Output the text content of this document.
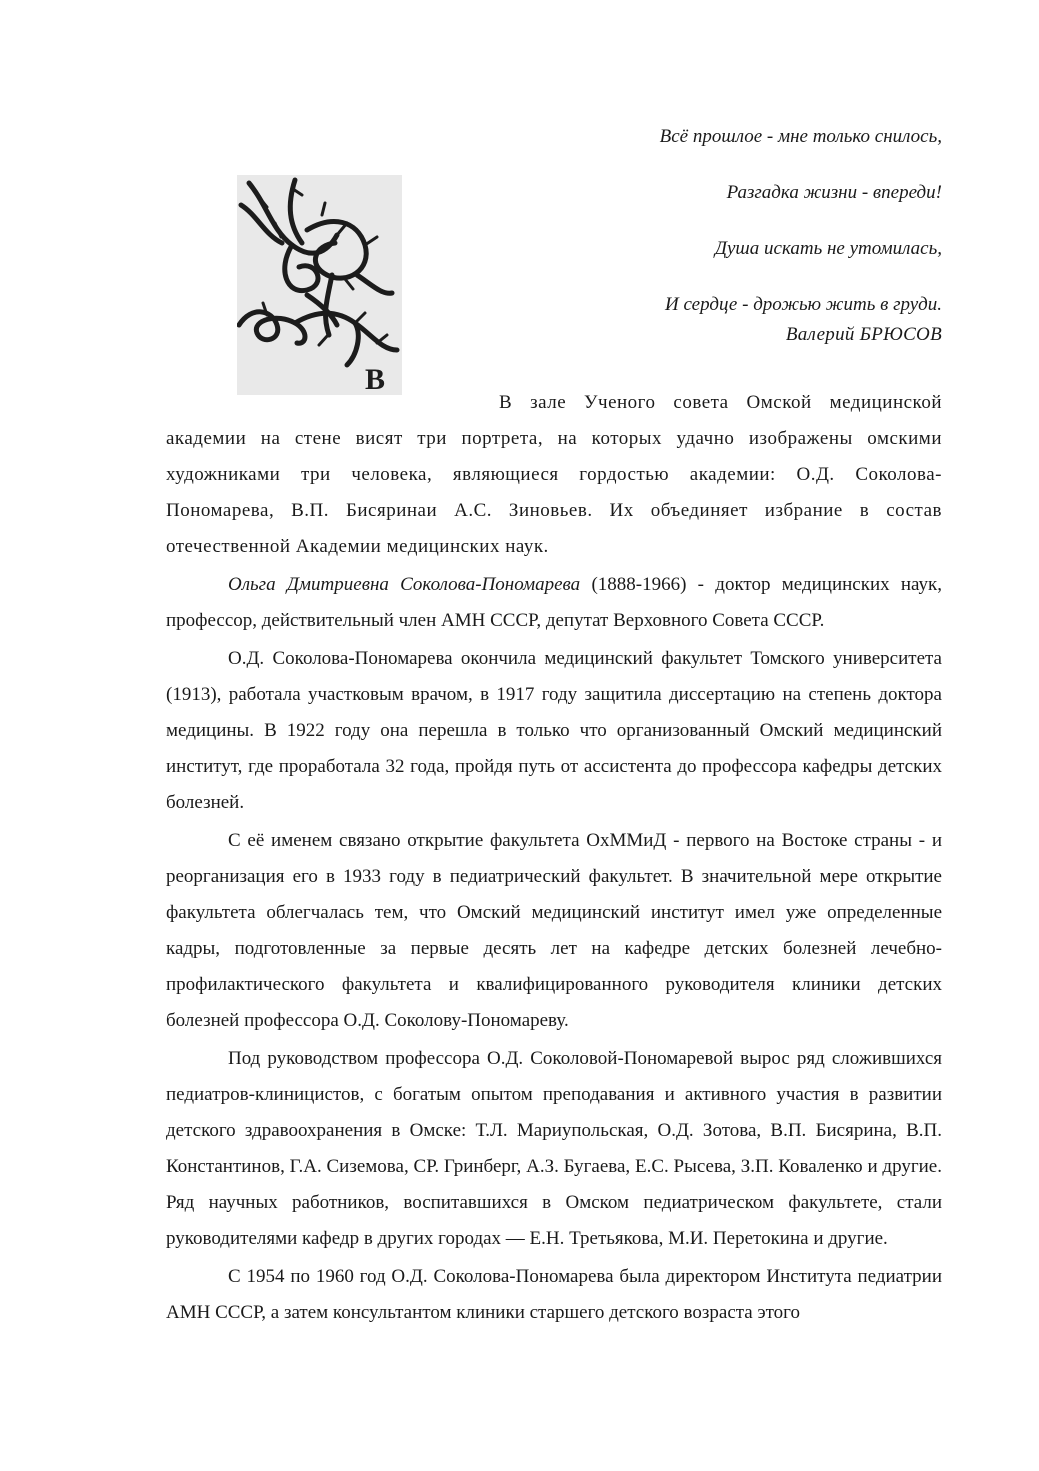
Всё прошлое - мне только снилось,
Разгадка жизни - впереди!
Душа искать не утомилась,
И сердце - дрожью жить в груди.
Валерий БРЮСОВ
В

В зале Ученого совета Омской медицинской академии на стене висят три портрета, на которых удачно изображены омскими художниками три человека, являющиеся гордостью академии: О.Д. Соколова-Пономарева, В.П. Бисяринаи А.С. Зиновьев. Их объединяет избрание в состав отечественной Академии медицинских наук.

Ольга Дмитриевна Соколова-Пономарева (1888-1966) - доктор медицинских наук, профессор, действительный член АМН СССР, депутат Верховного Совета СССР.

О.Д. Соколова-Пономарева окончила медицинский факультет Томского университета (1913), работала участковым врачом, в 1917 году защитила диссертацию на степень доктора медицины. В 1922 году она перешла в только что организованный Омский медицинский институт, где проработала 32 года, пройдя путь от ассистента до профессора кафедры детских болезней.

С её именем связано открытие факультета ОхММиД - первого на Востоке страны - и реорганизация его в 1933 году в педиатрический факультет. В значительной мере открытие факультета облегчалась тем, что Омский медицинский институт имел уже определенные кадры, подготовленные за первые десять лет на кафедре детских болезней лечебно-профилактического факультета и квалифицированного руководителя клиники детских болезней профессора О.Д. Соколову-Пономареву.

Под руководством профессора О.Д. Соколовой-Пономаревой вырос ряд сложившихся педиатров-клиницистов, с богатым опытом преподавания и активного участия в развитии детского здравоохранения в Омске: Т.Л. Мариупольская, О.Д. Зотова, В.П. Бисярина, В.П. Константинов, Г.А. Сиземова, СР. Гринберг, А.З. Бугаева, Е.С. Рысева, З.П. Коваленко и другие. Ряд научных работников, воспитавшихся в Омском педиатрическом факультете, стали руководителями кафедр в других городах — Е.Н. Третьякова, М.И. Перетокина и другие.

С 1954 по 1960 год О.Д. Соколова-Пономарева была директором Института педиатрии АМН СССР, а затем консультантом клиники старшего детского возраста этого
